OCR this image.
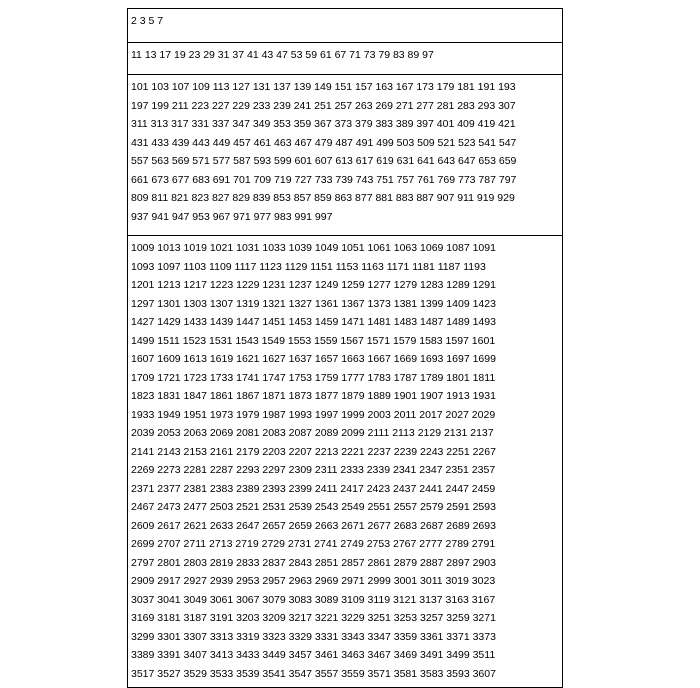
2 3 5 7
11 13 17 19 23 29 31 37 41 43 47 53 59 61 67 71 73 79 83 89 97
101 103 107 109 113 127 131 137 139 149 151 157 163 167 173 179 181 191 193
197 199 211 223 227 229 233 239 241 251 257 263 269 271 277 281 283 293 307
311 313 317 331 337 347 349 353 359 367 373 379 383 389 397 401 409 419 421
431 433 439 443 449 457 461 463 467 479 487 491 499 503 509 521 523 541 547
557 563 569 571 577 587 593 599 601 607 613 617 619 631 641 643 647 653 659
661 673 677 683 691 701 709 719 727 733 739 743 751 757 761 769 773 787 797
809 811 821 823 827 829 839 853 857 859 863 877 881 883 887 907 911 919 929
937 941 947 953 967 971 977 983 991 997
1009 1013 1019 1021 1031 1033 1039 1049 1051 1061 1063 1069 1087 1091
1093 1097 1103 1109 1117 1123 1129 1151 1153 1163 1171 1181 1187 1193
1201 1213 1217 1223 1229 1231 1237 1249 1259 1277 1279 1283 1289 1291
1297 1301 1303 1307 1319 1321 1327 1361 1367 1373 1381 1399 1409 1423
1427 1429 1433 1439 1447 1451 1453 1459 1471 1481 1483 1487 1489 1493
1499 1511 1523 1531 1543 1549 1553 1559 1567 1571 1579 1583 1597 1601
1607 1609 1613 1619 1621 1627 1637 1657 1663 1667 1669 1693 1697 1699
1709 1721 1723 1733 1741 1747 1753 1759 1777 1783 1787 1789 1801 1811
1823 1831 1847 1861 1867 1871 1873 1877 1879 1889 1901 1907 1913 1931
1933 1949 1951 1973 1979 1987 1993 1997 1999 2003 2011 2017 2027 2029
2039 2053 2063 2069 2081 2083 2087 2089 2099 2111 2113 2129 2131 2137
2141 2143 2153 2161 2179 2203 2207 2213 2221 2237 2239 2243 2251 2267
2269 2273 2281 2287 2293 2297 2309 2311 2333 2339 2341 2347 2351 2357
2371 2377 2381 2383 2389 2393 2399 2411 2417 2423 2437 2441 2447 2459
2467 2473 2477 2503 2521 2531 2539 2543 2549 2551 2557 2579 2591 2593
2609 2617 2621 2633 2647 2657 2659 2663 2671 2677 2683 2687 2689 2693
2699 2707 2711 2713 2719 2729 2731 2741 2749 2753 2767 2777 2789 2791
2797 2801 2803 2819 2833 2837 2843 2851 2857 2861 2879 2887 2897 2903
2909 2917 2927 2939 2953 2957 2963 2969 2971 2999 3001 3011 3019 3023
3037 3041 3049 3061 3067 3079 3083 3089 3109 3119 3121 3137 3163 3167
3169 3181 3187 3191 3203 3209 3217 3221 3229 3251 3253 3257 3259 3271
3299 3301 3307 3313 3319 3323 3329 3331 3343 3347 3359 3361 3371 3373
3389 3391 3407 3413 3433 3449 3457 3461 3463 3467 3469 3491 3499 3511
3517 3527 3529 3533 3539 3541 3547 3557 3559 3571 3581 3583 3593 3607
